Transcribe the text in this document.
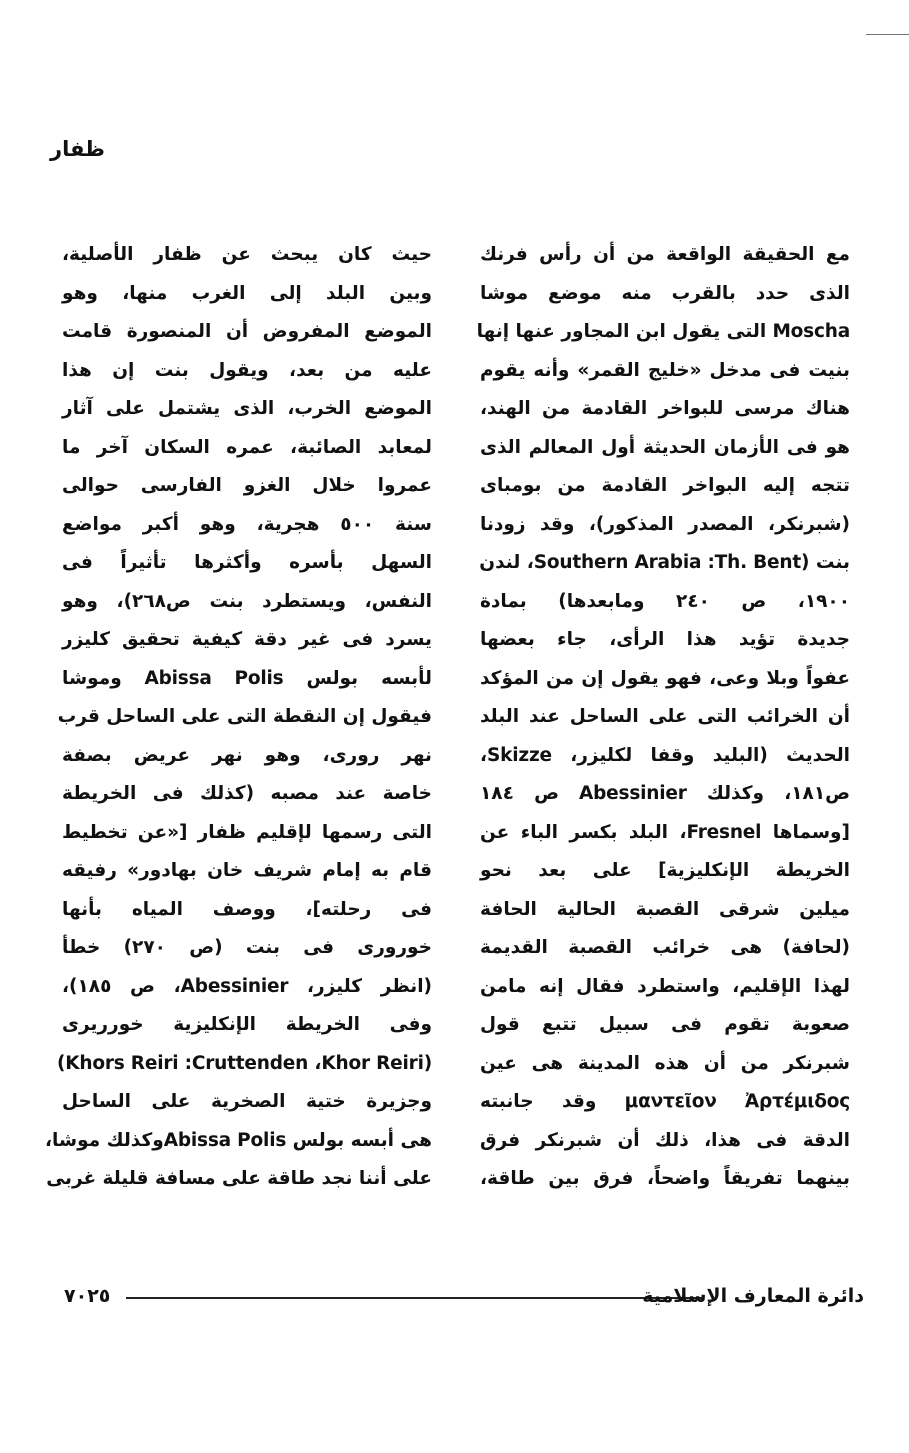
ظفار
مع الحقيقة الواقعة من أن رأس فرنك
الذى حدد بالقرب منه موضع موشا
Moscha التى يقول ابن المجاور عنها إنها
بنيت فى مدخل «خليج القمر» وأنه يقوم
هناك مرسى للبواخر القادمة من الهند،
هو فى الأزمان الحديثة أول المعالم الذى
تتجه إليه البواخر القادمة من بومباى
(شبرنكر، المصدر المذكور)، وقد زودنا
بنت (Southern Arabia :Th. Bent، لندن
١٩٠٠، ص ٢٤٠ ومابعدها) بمادة
جديدة تؤيد هذا الرأى، جاء بعضها
عفواً وبلا وعى، فهو يقول إن من المؤكد
أن الخرائب التى على الساحل عند البلد
الحديث (البليد وقفا لكليزر، Skizze،
ص١٨١، وكذلك Abessinier ص ١٨٤
[وسماها Fresnel، البلد بكسر الباء عن
الخريطة الإنكليزية] على بعد نحو
ميلين شرقى القصبة الحالية الحافة
(لحافة) هى خرائب القصبة القديمة
لهذا الإقليم، واستطرد فقال إنه مامن
صعوبة تقوم فى سبيل تتبع قول
شبرنكر من أن هذه المدينة هى عين
μαντεῖον Ἀρτέμιδος وقد جانبته
الدقة فى هذا، ذلك أن شبرنكر فرق
بينهما تفريقاً واضحاً، فرق بين طاقة،
حيث كان يبحث عن ظفار الأصلية،
وبين البلد إلى الغرب منها، وهو
الموضع المفروض أن المنصورة قامت
عليه من بعد، ويقول بنت إن هذا
الموضع الخرب، الذى يشتمل على آثار
لمعابد الصائبة، عمره السكان آخر ما
عمروا خلال الغزو الفارسى حوالى
سنة ٥٠٠ هجرية، وهو أكبر مواضع
السهل بأسره وأكثرها تأثيراً فى
النفس، ويستطرد بنت ص٢٦٨)، وهو
يسرد فى غير دقة كيفية تحقيق كليزر
لأبسه بولس Abissa Polis وموشا
فيقول إن النقطة التى على الساحل قرب
نهر رورى، وهو نهر عريض بصفة
خاصة عند مصبه (كذلك فى الخريطة
التى رسمها لإقليم ظفار [«عن تخطيط
قام به إمام شريف خان بهادور» رفيقه
فى رحلته]، ووصف المياه بأنها
خورورى فى بنت (ص ٢٧٠) خطأ
(انظر كليزر، Abessinier، ص ١٨٥)،
وفى الخريطة الإنكليزية خورريرى
(Khors Reiri :Cruttenden ،Khor Reiri)
وجزيرة ختية الصخرية على الساحل
هى أبسه بولس Abissa Polisوكذلك موشا،
على أننا نجد طاقة على مسافة قليلة غربى
٧٠٢٥	دائرة المعارف الإسلامية
